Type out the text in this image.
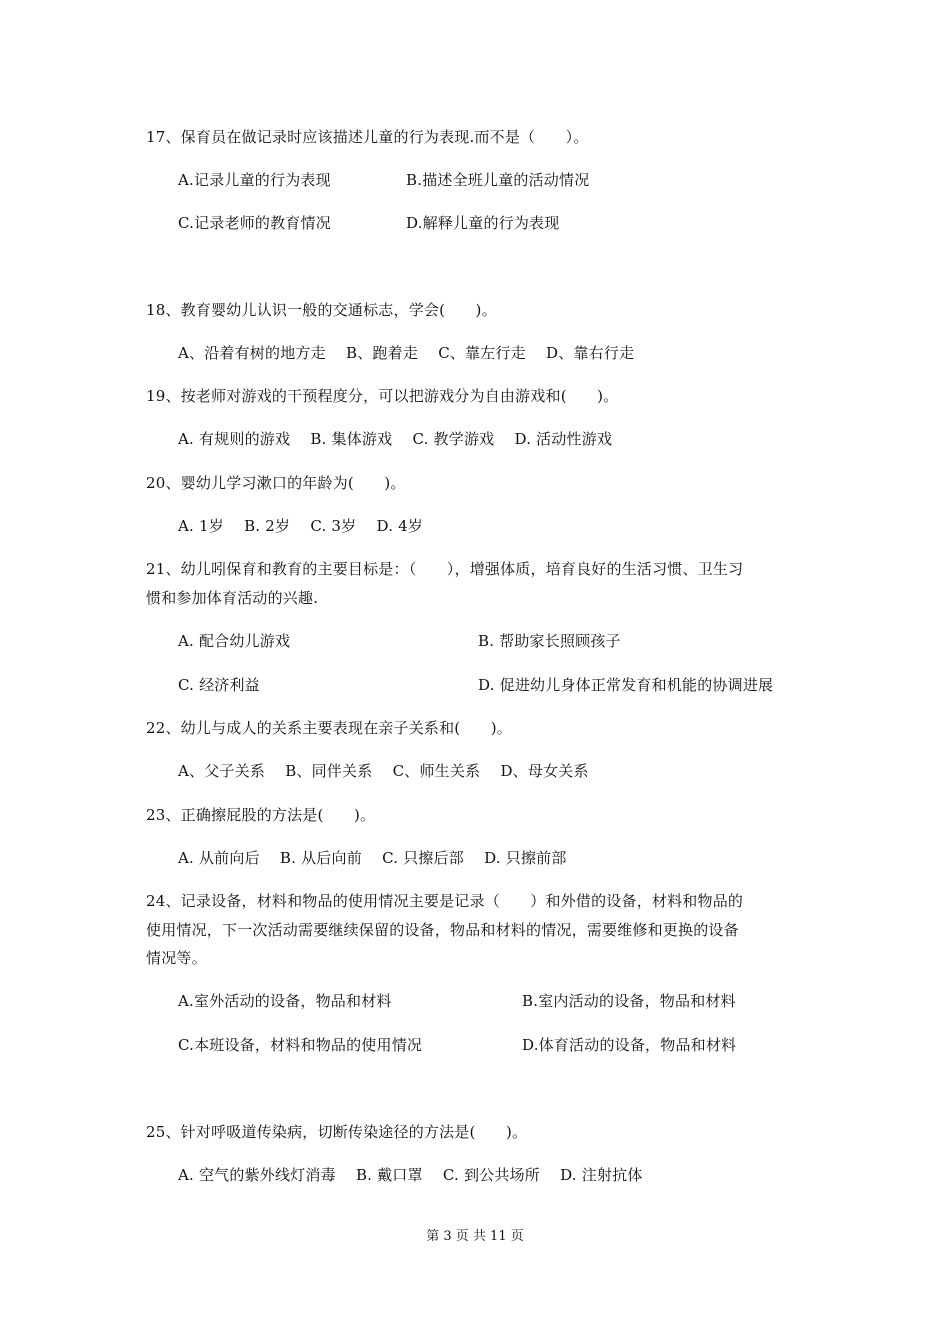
17、保育员在做记录时应该描述儿童的行为表现.而不是（　　）。
A.记录儿童的行为表现	B.描述全班儿童的活动情况
C.记录老师的教育情况	D.解释儿童的行为表现
18、教育婴幼儿认识一般的交通标志，学会(　　)。
A、沿着有树的地方走　 B、跑着走　 C、靠左行走　 D、靠右行走
19、按老师对游戏的干预程度分，可以把游戏分为自由游戏和(　　)。
A. 有规则的游戏　 B. 集体游戏　 C. 教学游戏　 D. 活动性游戏
20、婴幼儿学习漱口的年龄为(　　)。
A. 1岁　 B. 2岁　 C. 3岁　 D. 4岁
21、幼儿吲保育和教育的主要目标是：（　　），增强体质，培育良好的生活习惯、卫生习
惯和参加体育活动的兴趣.
A. 配合幼儿游戏	B. 帮助家长照顾孩子
C. 经济利益	D. 促进幼儿身体正常发育和机能的协调进展
22、幼儿与成人的关系主要表现在亲子关系和(　　)。
A、父子关系　 B、同伴关系　 C、师生关系　 D、母女关系
23、正确擦屁股的方法是(　　)。
A. 从前向后　 B. 从后向前　 C. 只擦后部　 D. 只擦前部
24、记录设备，材料和物品的使用情况主要是记录（　　）和外借的设备，材料和物品的
使用情况，下一次活动需要继续保留的设备，物品和材料的情况，需要维修和更换的设备
情况等。
A.室外活动的设备，物品和材料	B.室内活动的设备，物品和材料
C.本班设备，材料和物品的使用情况	D.体育活动的设备，物品和材料
25、针对呼吸道传染病，切断传染途径的方法是(　　)。
A. 空气的紫外线灯消毒　 B. 戴口罩　 C. 到公共场所　 D. 注射抗体
第 3 页 共 11 页
